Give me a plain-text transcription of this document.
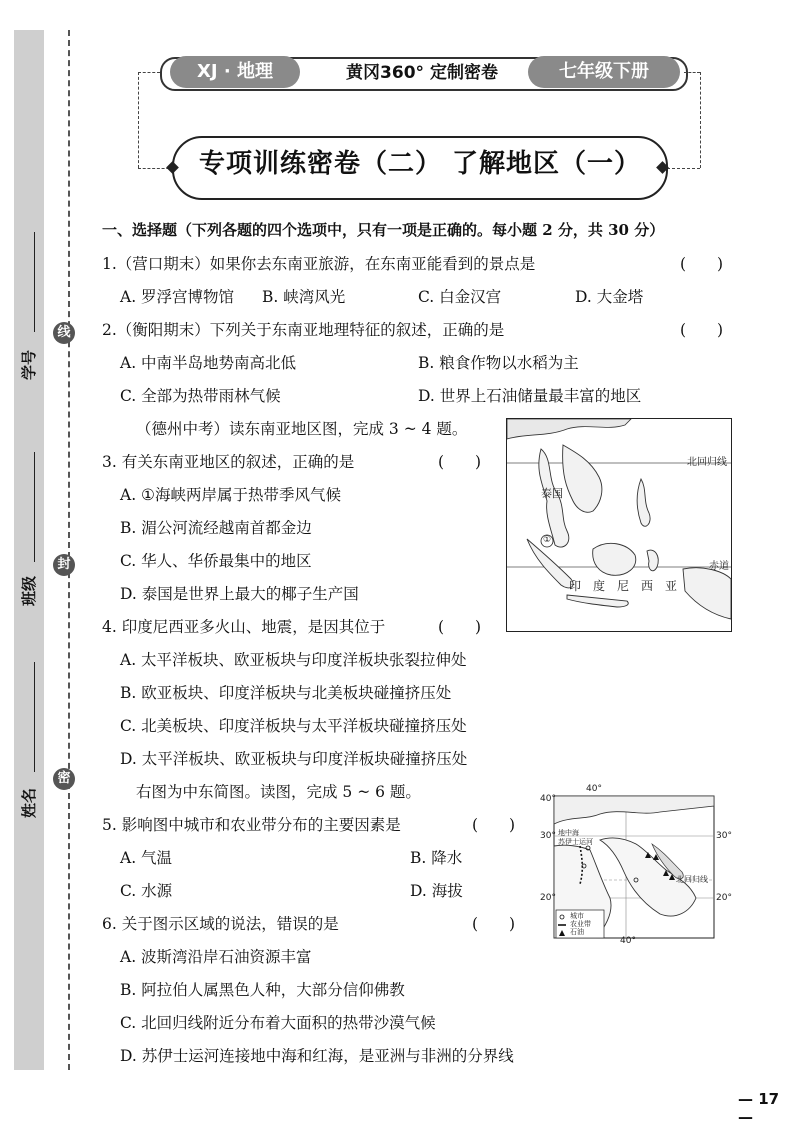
线
封
密
学号
班级
姓名
XJ · 地理	黄冈360° 定制密卷	七年级下册
专项训练密卷（二） 了解地区（一）
一、选择题（下列各题的四个选项中，只有一项是正确的。每小题 2 分，共 30 分）
1.（营口期末）如果你去东南亚旅游，在东南亚能看到的景点是	(　　)
A. 罗浮宫博物馆 B. 峡湾风光	C. 白金汉宫	D. 大金塔
2.（衡阳期末）下列关于东南亚地理特征的叙述，正确的是	(　　)
A. 中南半岛地势南高北低	B. 粮食作物以水稻为主
C. 全部为热带雨林气候	D. 世界上石油储量最丰富的地区
（德州中考）读东南亚地区图，完成 3 ~ 4 题。
3. 有关东南亚地区的叙述，正确的是	(　　)
A. ①海峡两岸属于热带季风气候
B. 湄公河流经越南首都金边
C. 华人、华侨最集中的地区
D. 泰国是世界上最大的椰子生产国
北回归线
赤道
泰国
印　度　尼　西　亚
①
4. 印度尼西亚多火山、地震，是因其位于	(　　)
A. 太平洋板块、欧亚板块与印度洋板块张裂拉伸处
B. 欧亚板块、印度洋板块与北美板块碰撞挤压处
C. 北美板块、印度洋板块与太平洋板块碰撞挤压处
D. 太平洋板块、欧亚板块与印度洋板块碰撞挤压处
右图为中东简图。读图，完成 5 ~ 6 题。	40°
40°
40°
30°
20°
30°
20°
北回归线
地中海
苏伊士运河
城市
农业带
石油
5. 影响图中城市和农业带分布的主要因素是	(　　)
A. 气温	B. 降水
C. 水源	D. 海拔
6. 关于图示区域的说法，错误的是	(　　)
A. 波斯湾沿岸石油资源丰富
B. 阿拉伯人属黑色人种，大部分信仰佛教
C. 北回归线附近分布着大面积的热带沙漠气候
D. 苏伊士运河连接地中海和红海，是亚洲与非洲的分界线
— 17 —
